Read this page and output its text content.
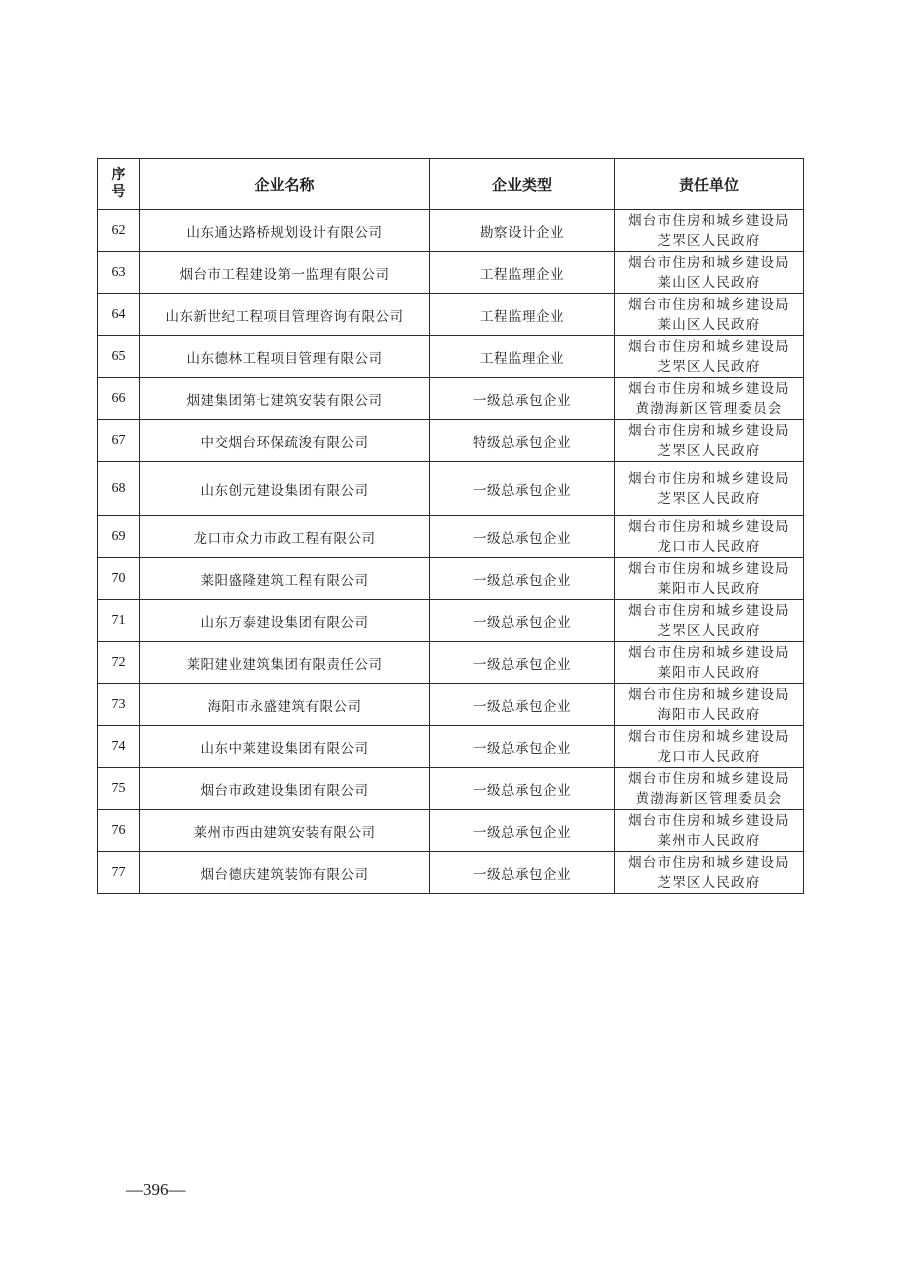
序
号	企业名称	企业类型	责任单位
62	山东通达路桥规划设计有限公司	勘察设计企业	烟台市住房和城乡建设局
芝罘区人民政府

63	烟台市工程建设第一监理有限公司	工程监理企业	烟台市住房和城乡建设局
莱山区人民政府

64	山东新世纪工程项目管理咨询有限公司	工程监理企业	烟台市住房和城乡建设局
莱山区人民政府

65	山东德林工程项目管理有限公司	工程监理企业	烟台市住房和城乡建设局
芝罘区人民政府

66	烟建集团第七建筑安装有限公司	一级总承包企业	烟台市住房和城乡建设局
黄渤海新区管理委员会

67	中交烟台环保疏浚有限公司	特级总承包企业	烟台市住房和城乡建设局
芝罘区人民政府

68	山东创元建设集团有限公司	一级总承包企业	烟台市住房和城乡建设局
芝罘区人民政府

69	龙口市众力市政工程有限公司	一级总承包企业	烟台市住房和城乡建设局
龙口市人民政府

70	莱阳盛隆建筑工程有限公司	一级总承包企业	烟台市住房和城乡建设局
莱阳市人民政府

71	山东万泰建设集团有限公司	一级总承包企业	烟台市住房和城乡建设局
芝罘区人民政府

72	莱阳建业建筑集团有限责任公司	一级总承包企业	烟台市住房和城乡建设局
莱阳市人民政府

73	海阳市永盛建筑有限公司	一级总承包企业	烟台市住房和城乡建设局
海阳市人民政府

74	山东中莱建设集团有限公司	一级总承包企业	烟台市住房和城乡建设局
龙口市人民政府

75	烟台市政建设集团有限公司	一级总承包企业	烟台市住房和城乡建设局
黄渤海新区管理委员会

76	莱州市西由建筑安装有限公司	一级总承包企业	烟台市住房和城乡建设局
莱州市人民政府

77	烟台德庆建筑装饰有限公司	一级总承包企业	烟台市住房和城乡建设局
芝罘区人民政府
—396—
